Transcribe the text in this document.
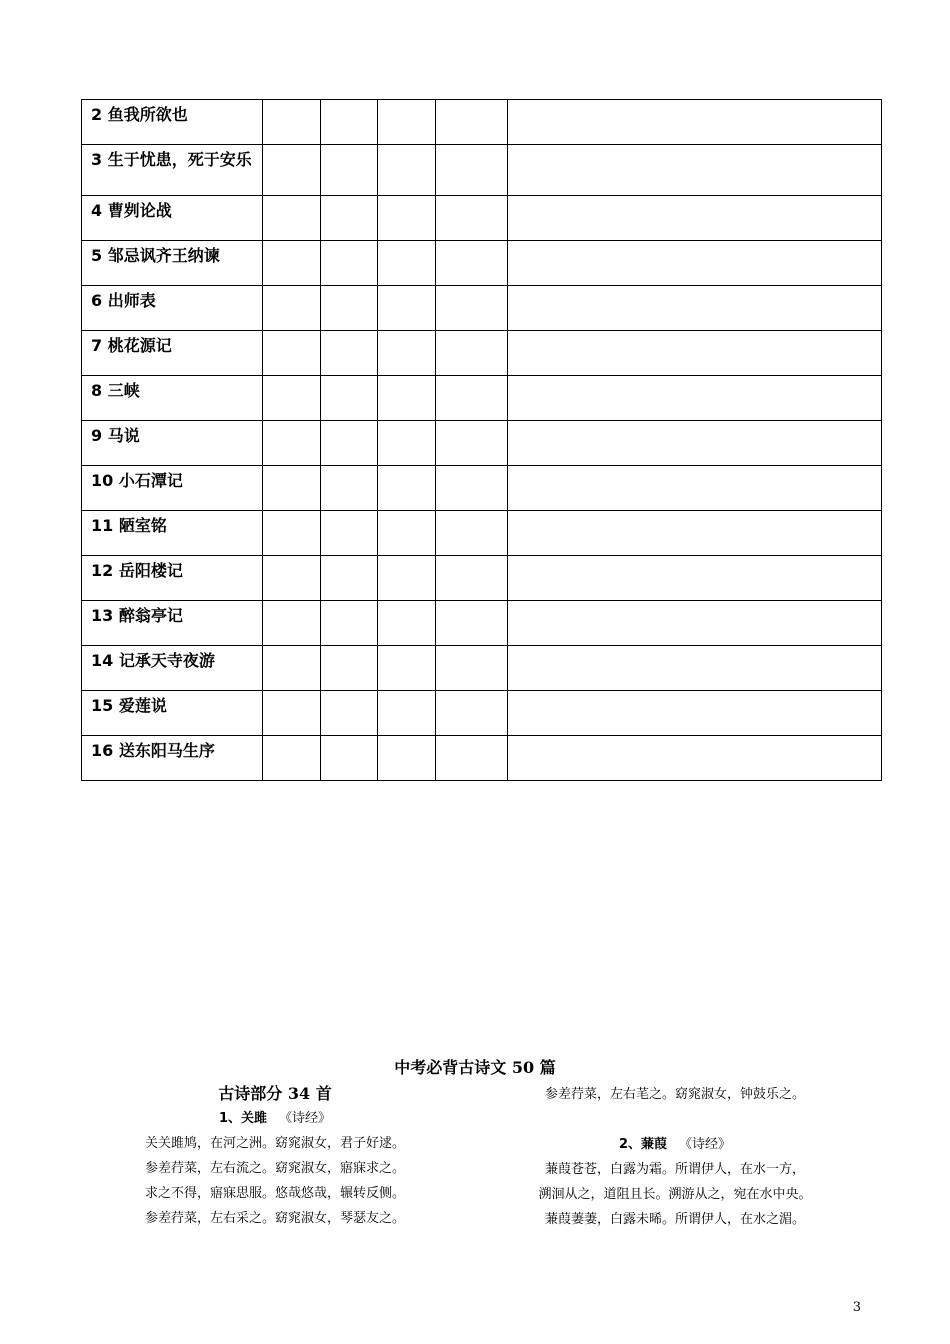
2 鱼我所欲也					
3 生于忧患，死于安乐					
4 曹刿论战					
5 邹忌讽齐王纳谏					
6 出师表					
7 桃花源记					
8 三峡					
9 马说					
10 小石潭记					
11 陋室铭					
12 岳阳楼记					
13 醉翁亭记					
14 记承天寺夜游					
15 爱莲说					
16 送东阳马生序					
中考必背古诗文 50 篇
古诗部分 34 首
1、关雎 《诗经》
关关雎鸠，在河之洲。窈窕淑女，君子好逑。
参差荇菜，左右流之。窈窕淑女，寤寐求之。
求之不得，寤寐思服。悠哉悠哉，辗转反侧。
参差荇菜，左右采之。窈窕淑女，琴瑟友之。
参差荇菜，左右芼之。窈窕淑女，钟鼓乐之。
2、蒹葭 《诗经》
蒹葭苍苍，白露为霜。所谓伊人，在水一方，
溯洄从之，道阻且长。溯游从之，宛在水中央。
蒹葭萋萋，白露未晞。所谓伊人，在水之湄。
3
